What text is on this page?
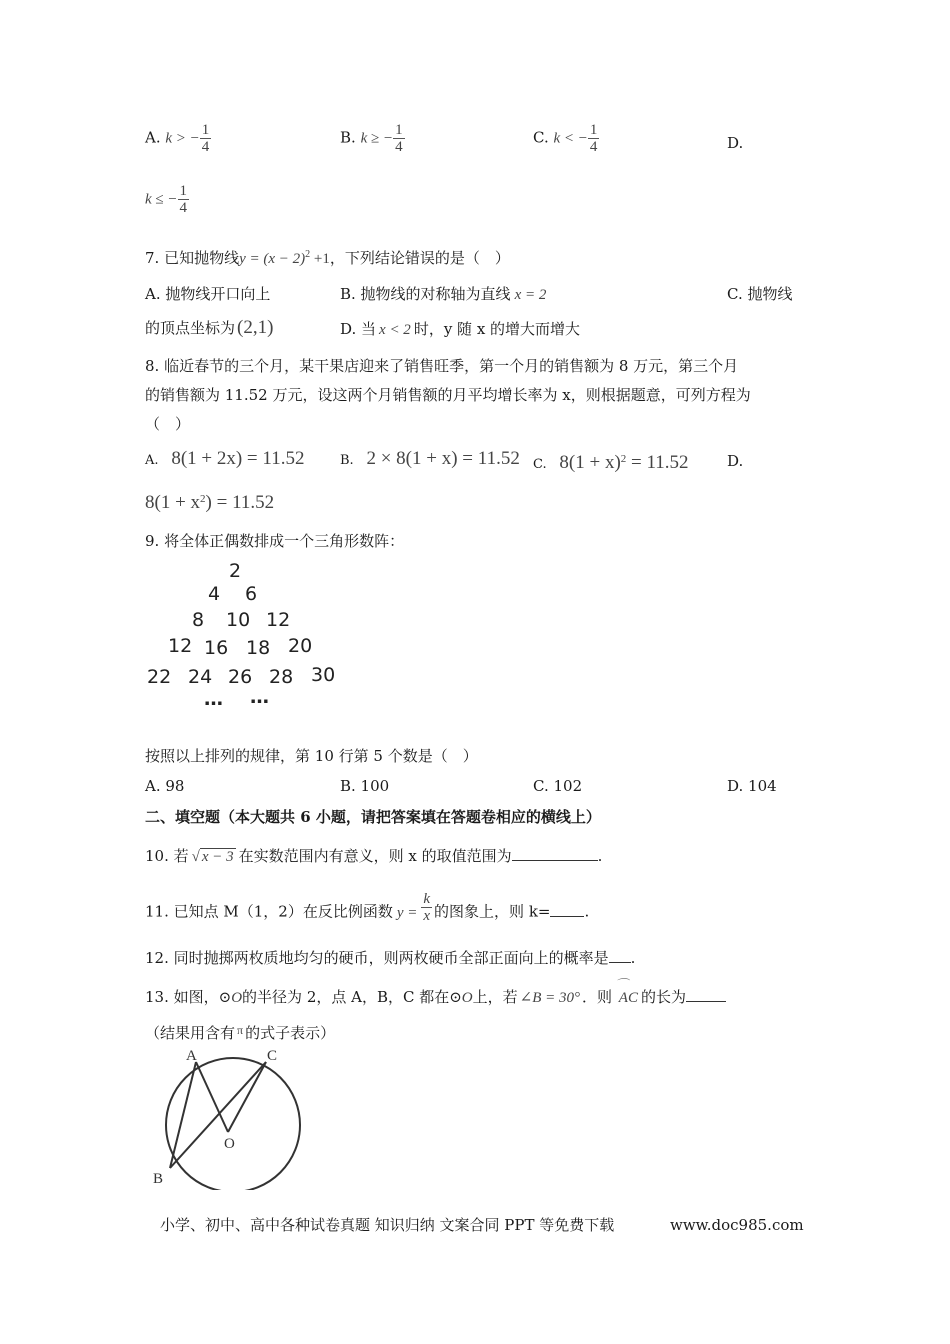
A. k > − $\frac{1}{4}$	B. k ≥ − $\frac{1}{4}$	C. k < − $\frac{1}{4}$	D.
k ≤ − $\frac{1}{4}$
7. 已知抛物线$y = (x - 2)^2 +1$，下列结论错误的是（　）
A. 抛物线开口向上	B. 抛物线的对称轴为直线 x = 2	C. 抛物线
的顶点坐标为 (2,1)	D. 当 x < 2 时，y 随 x 的增大而增大
8. 临近春节的三个月，某干果店迎来了销售旺季，第一个月的销售额为 8 万元，第三个月
的销售额为 11.52 万元，设这两个月销售额的月平均增长率为 x，则根据题意，可列方程为
（　）
A. 8(1 + 2x) = 11.52	B. 2 × 8(1 + x) = 11.52 C. $8(1 + x)^2 = 11.52$	D.
$8(1 + x^2) = 11.52$
9. 将全体正偶数排成一个三角形数阵：
2
4 6
8 10 12
12 16 18 20
22 24 26 28 30
… …
按照以上排列的规律，第 10 行第 5 个数是（　）
A. 98	B. 100	C. 102	D. 104
二、填空题（本大题共 6 小题，请把答案填在答题卷相应的横线上）
10. 若 √ x − 3 在实数范围内有意义，则 x 的取值范围为	.
11. 已知点 M（1，2）在反比例函数 $y = \frac{k}{x}$ 的图象上，则 k= .
12. 同时抛掷两枚质地均匀的硬币，则两枚硬币全部正面向上的概率是 .
13. 如图，⊙O的半径为 2，点 A，B，C 都在⊙O上，若 ∠B = 30° ．则
⌒
AC 的长为
（结果用含有 $^\pi$ 的式子表示）
A	C
O
B
小学、初中、高中各种试卷真题 知识归纳 文案合同 PPT 等免费下载	www.doc985.com
